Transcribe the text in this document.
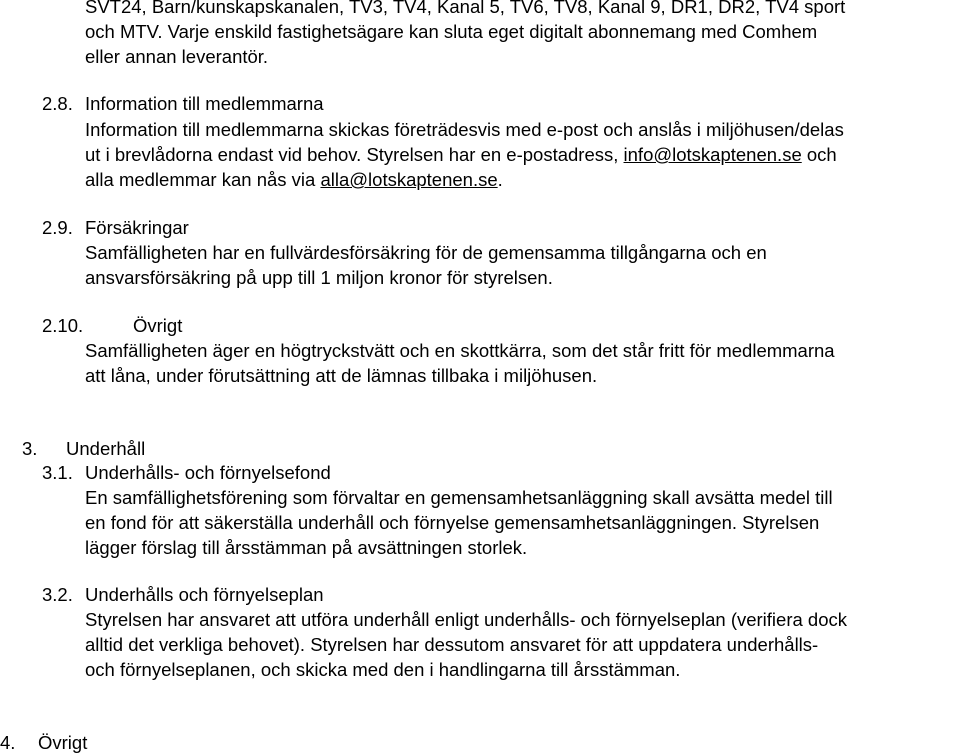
SVT24, Barn/kunskapskanalen, TV3, TV4, Kanal 5, TV6, TV8, Kanal 9, DR1, DR2, TV4 sport
och MTV. Varje enskild fastighetsägare kan sluta eget digitalt abonnemang med Comhem
eller annan leverantör.
2.8. Information till medlemmarna
Information till medlemmarna skickas företrädesvis med e-post och anslås i miljöhusen/delas
ut i brevlådorna endast vid behov. Styrelsen har en e-postadress, info@lotskaptenen.se och
alla medlemmar kan nås via alla@lotskaptenen.se.
2.9. Försäkringar
Samfälligheten har en fullvärdesförsäkring för de gemensamma tillgångarna och en
ansvarsförsäkring på upp till 1 miljon kronor för styrelsen.
2.10.	Övrigt
Samfälligheten äger en högtryckstvätt och en skottkärra, som det står fritt för medlemmarna
att låna, under förutsättning att de lämnas tillbaka i miljöhusen.
3. Underhåll
3.1. Underhålls- och förnyelsefond
En samfällighetsförening som förvaltar en gemensamhetsanläggning skall avsätta medel till
en fond för att säkerställa underhåll och förnyelse gemensamhetsanläggningen. Styrelsen
lägger förslag till årsstämman på avsättningen storlek.
3.2. Underhålls och förnyelseplan
Styrelsen har ansvaret att utföra underhåll enligt underhålls- och förnyelseplan (verifiera dock
alltid det verkliga behovet). Styrelsen har dessutom ansvaret för att uppdatera underhålls-
och förnyelseplanen, och skicka med den i handlingarna till årsstämman.
4. Övrigt
